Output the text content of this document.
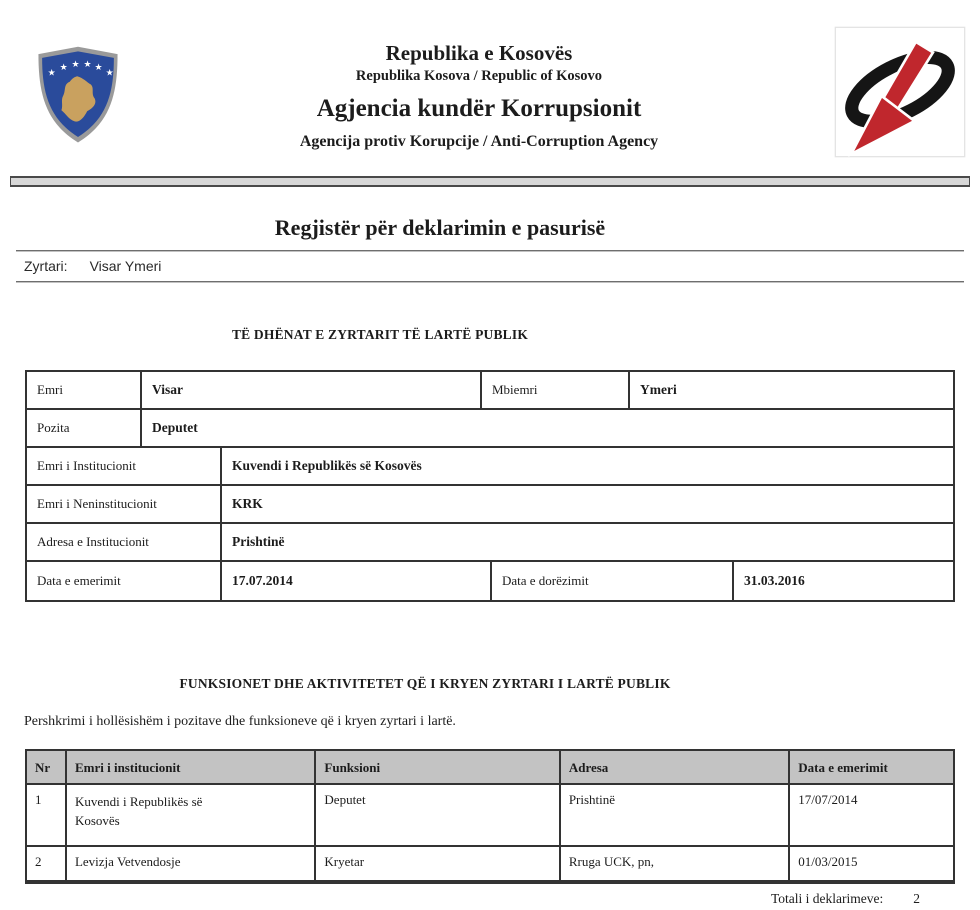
★
★ ★ ★ ★
★
Republika e Kosovës
Republika Kosova / Republic of Kosovo
Agjencia kundër Korrupsionit
Agencija protiv Korupcije / Anti-Corruption Agency
Regjistër për deklarimin e pasurisë
Zyrtari: Visar Ymeri
TË DHËNAT E ZYRTARIT TË LARTË PUBLIK
Emri	Visar	Mbiemri	Ymeri
Pozita	Deputet
Emri i Institucionit	Kuvendi i Republikës së Kosovës
Emri i Neninstitucionit	KRK
Adresa e Institucionit	Prishtinë
Data e emerimit	17.07.2014	Data e dorëzimit	31.03.2016
FUNKSIONET DHE AKTIVITETET QË I KRYEN ZYRTARI I LARTË PUBLIK
Pershkrimi i hollësishëm i pozitave dhe funksioneve që i kryen zyrtari i lartë.
Nr	Emri i institucionit	Funksioni	Adresa	Data e emerimit
1	Kuvendi i Republikës së Kosovës	Deputet	Prishtinë	17/07/2014
2	Levizja Vetvendosje	Kryetar	Rruga UCK, pn,	01/03/2015
Totali i deklarimeve: 2
